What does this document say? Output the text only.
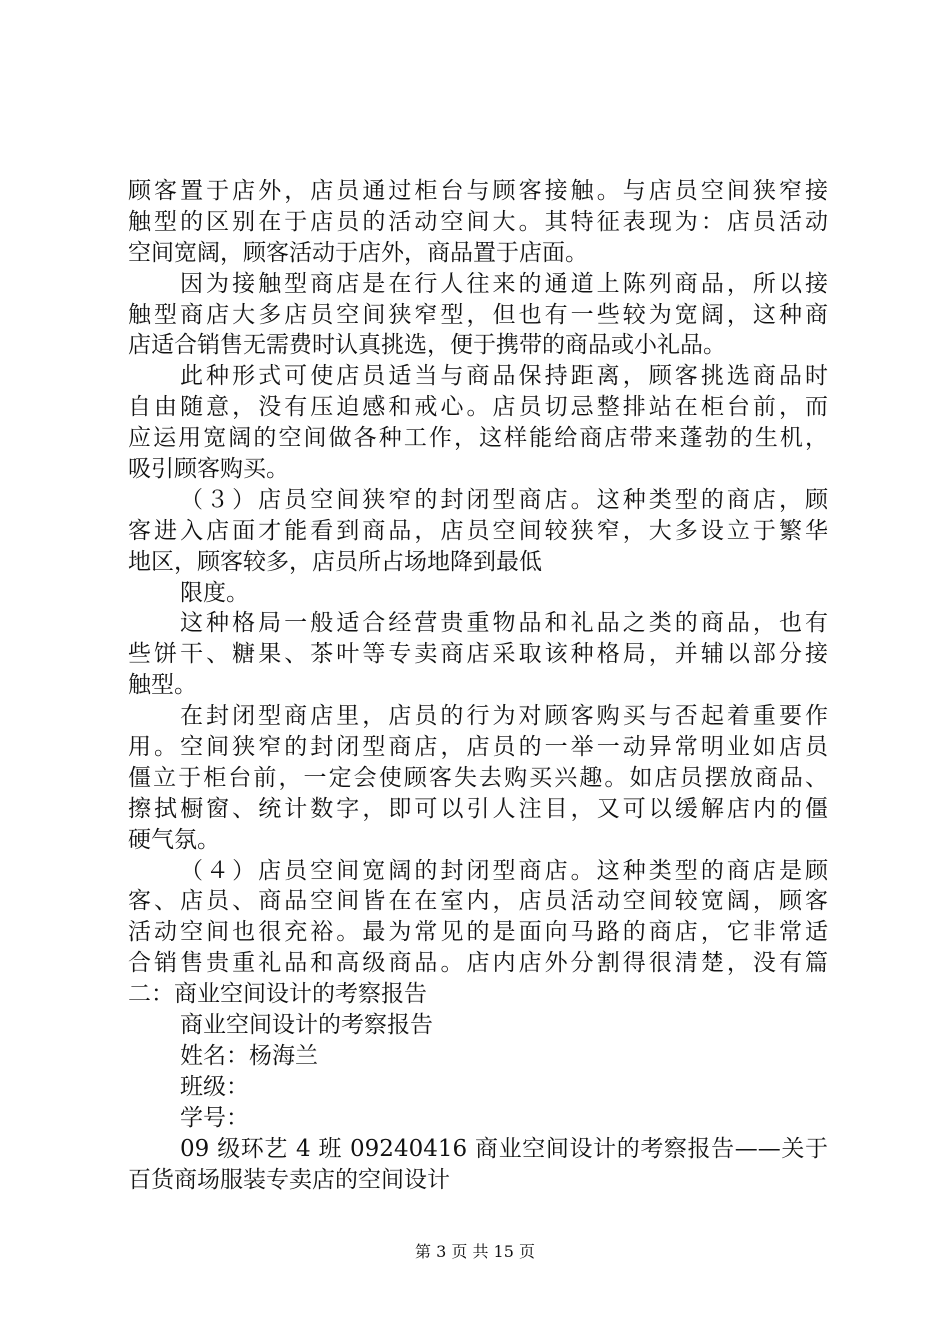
顾客置于店外，店员通过柜台与顾客接触。与店员空间狭窄接
触型的区别在于店员的活动空间大。其特征表现为：店员活动
空间宽阔，顾客活动于店外，商品置于店面。
因为接触型商店是在行人往来的通道上陈列商品，所以接
触型商店大多店员空间狭窄型，但也有一些较为宽阔，这种商
店适合销售无需费时认真挑选，便于携带的商品或小礼品。
此种形式可使店员适当与商品保持距离，顾客挑选商品时
自由随意，没有压迫感和戒心。店员切忌整排站在柜台前，而
应运用宽阔的空间做各种工作，这样能给商店带来蓬勃的生机，
吸引顾客购买。
（３）店员空间狭窄的封闭型商店。这种类型的商店，顾
客进入店面才能看到商品，店员空间较狭窄，大多设立于繁华
地区，顾客较多，店员所占场地降到最低
限度。
这种格局一般适合经营贵重物品和礼品之类的商品，也有
些饼干、糖果、茶叶等专卖商店采取该种格局，并辅以部分接
触型。
在封闭型商店里，店员的行为对顾客购买与否起着重要作
用。空间狭窄的封闭型商店，店员的一举一动异常明业如店员
僵立于柜台前，一定会使顾客失去购买兴趣。如店员摆放商品、
擦拭橱窗、统计数字，即可以引人注目，又可以缓解店内的僵
硬气氛。
（４）店员空间宽阔的封闭型商店。这种类型的商店是顾
客、店员、商品空间皆在在室内，店员活动空间较宽阔，顾客
活动空间也很充裕。最为常见的是面向马路的商店，它非常适
合销售贵重礼品和高级商品。店内店外分割得很清楚，没有篇
二：商业空间设计的考察报告
商业空间设计的考察报告
姓名：杨海兰
班级：
学号：
09 级环艺 4 班 09240416 商业空间设计的考察报告——关于
百货商场服装专卖店的空间设计
第 3 页 共 15 页
